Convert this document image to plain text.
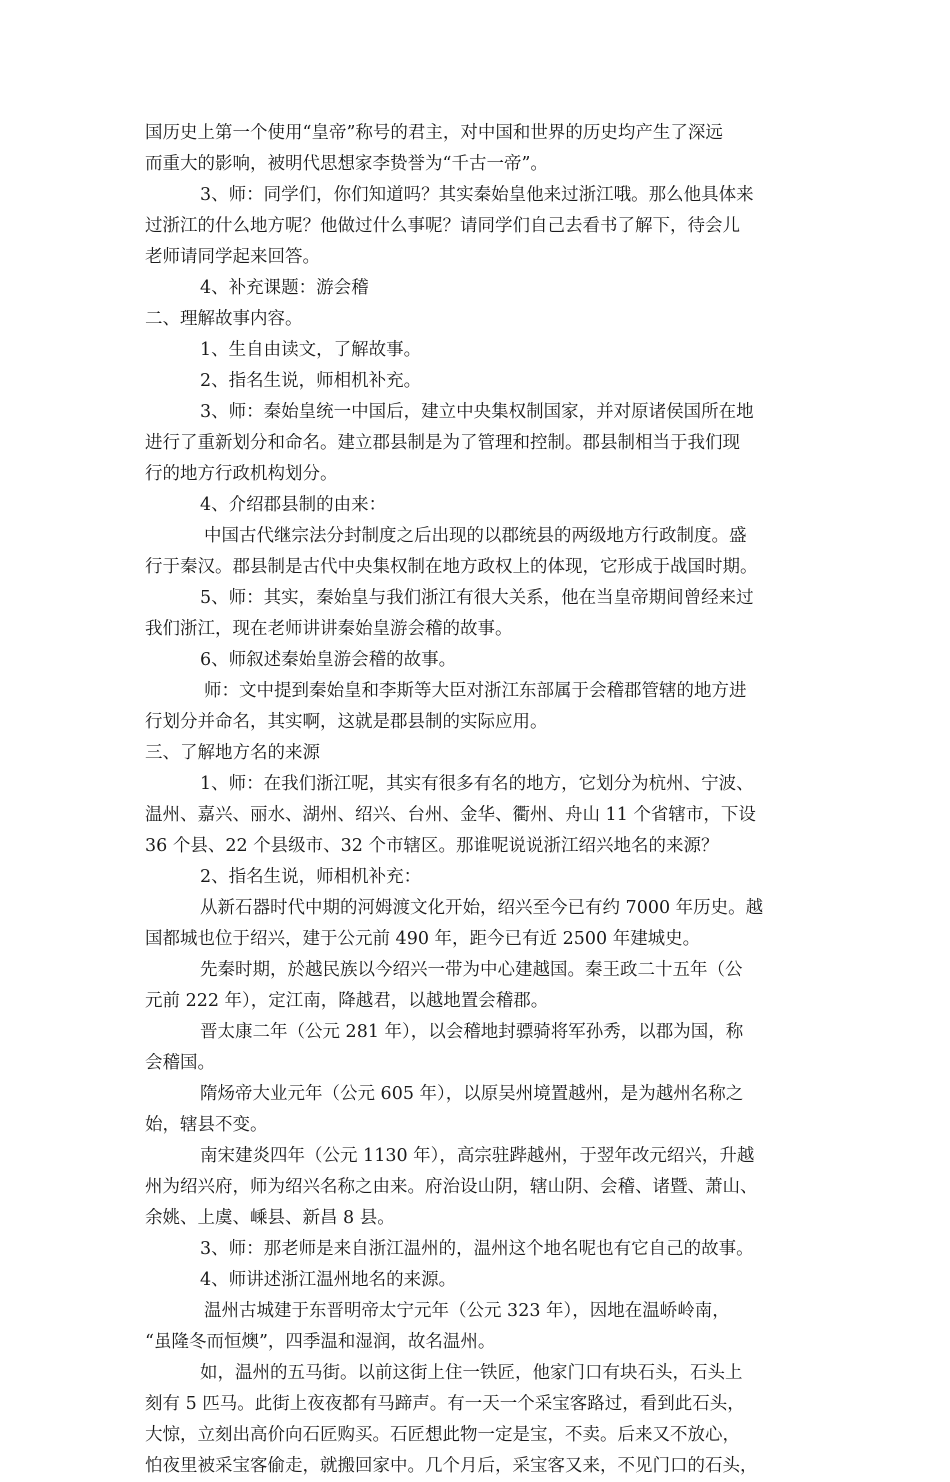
国历史上第一个使用“皇帝”称号的君主，对中国和世界的历史均产生了深远
而重大的影响，被明代思想家李贽誉为“千古一帝”。
3、师：同学们，你们知道吗？其实秦始皇他来过浙江哦。那么他具体来
过浙江的什么地方呢？他做过什么事呢？请同学们自己去看书了解下，待会儿
老师请同学起来回答。
4、补充课题：游会稽
二、理解故事内容。
1、生自由读文，了解故事。
2、指名生说，师相机补充。
3、师：秦始皇统一中国后，建立中央集权制国家，并对原诸侯国所在地
进行了重新划分和命名。建立郡县制是为了管理和控制。郡县制相当于我们现
行的地方行政机构划分。
4、介绍郡县制的由来：
中国古代继宗法分封制度之后出现的以郡统县的两级地方行政制度。盛
行于秦汉。郡县制是古代中央集权制在地方政权上的体现，它形成于战国时期。
5、师：其实，秦始皇与我们浙江有很大关系，他在当皇帝期间曾经来过
我们浙江，现在老师讲讲秦始皇游会稽的故事。
6、师叙述秦始皇游会稽的故事。
师：文中提到秦始皇和李斯等大臣对浙江东部属于会稽郡管辖的地方进
行划分并命名，其实啊，这就是郡县制的实际应用。
三、了解地方名的来源
1、师：在我们浙江呢，其实有很多有名的地方，它划分为杭州、宁波、
温州、嘉兴、丽水、湖州、绍兴、台州、金华、衢州、舟山 11 个省辖市，下设
36 个县、22 个县级市、32 个市辖区。那谁呢说说浙江绍兴地名的来源？
2、指名生说，师相机补充：
从新石器时代中期的河姆渡文化开始，绍兴至今已有约 7000 年历史。越
国都城也位于绍兴，建于公元前 490 年，距今已有近 2500 年建城史。
先秦时期，於越民族以今绍兴一带为中心建越国。秦王政二十五年（公
元前 222 年），定江南，降越君，以越地置会稽郡。
晋太康二年（公元 281 年），以会稽地封骠骑将军孙秀，以郡为国，称
会稽国。
隋炀帝大业元年（公元 605 年），以原吴州境置越州，是为越州名称之
始，辖县不变。
南宋建炎四年（公元 1130 年），高宗驻跸越州，于翌年改元绍兴，升越
州为绍兴府，师为绍兴名称之由来。府治设山阴，辖山阴、会稽、诸暨、萧山、
余姚、上虞、嵊县、新昌 8 县。
3、师：那老师是来自浙江温州的，温州这个地名呢也有它自己的故事。
4、师讲述浙江温州地名的来源。
温州古城建于东晋明帝太宁元年（公元 323 年），因地在温峤岭南，
“虽隆冬而恒燠”，四季温和湿润，故名温州。
如，温州的五马街。以前这街上住一铁匠，他家门口有块石头，石头上
刻有 5 匹马。此街上夜夜都有马蹄声。有一天一个采宝客路过，看到此石头，
大惊，立刻出高价向石匠购买。石匠想此物一定是宝，不卖。后来又不放心，
怕夜里被采宝客偷走，就搬回家中。几个月后，采宝客又来，不见门口的石头，
